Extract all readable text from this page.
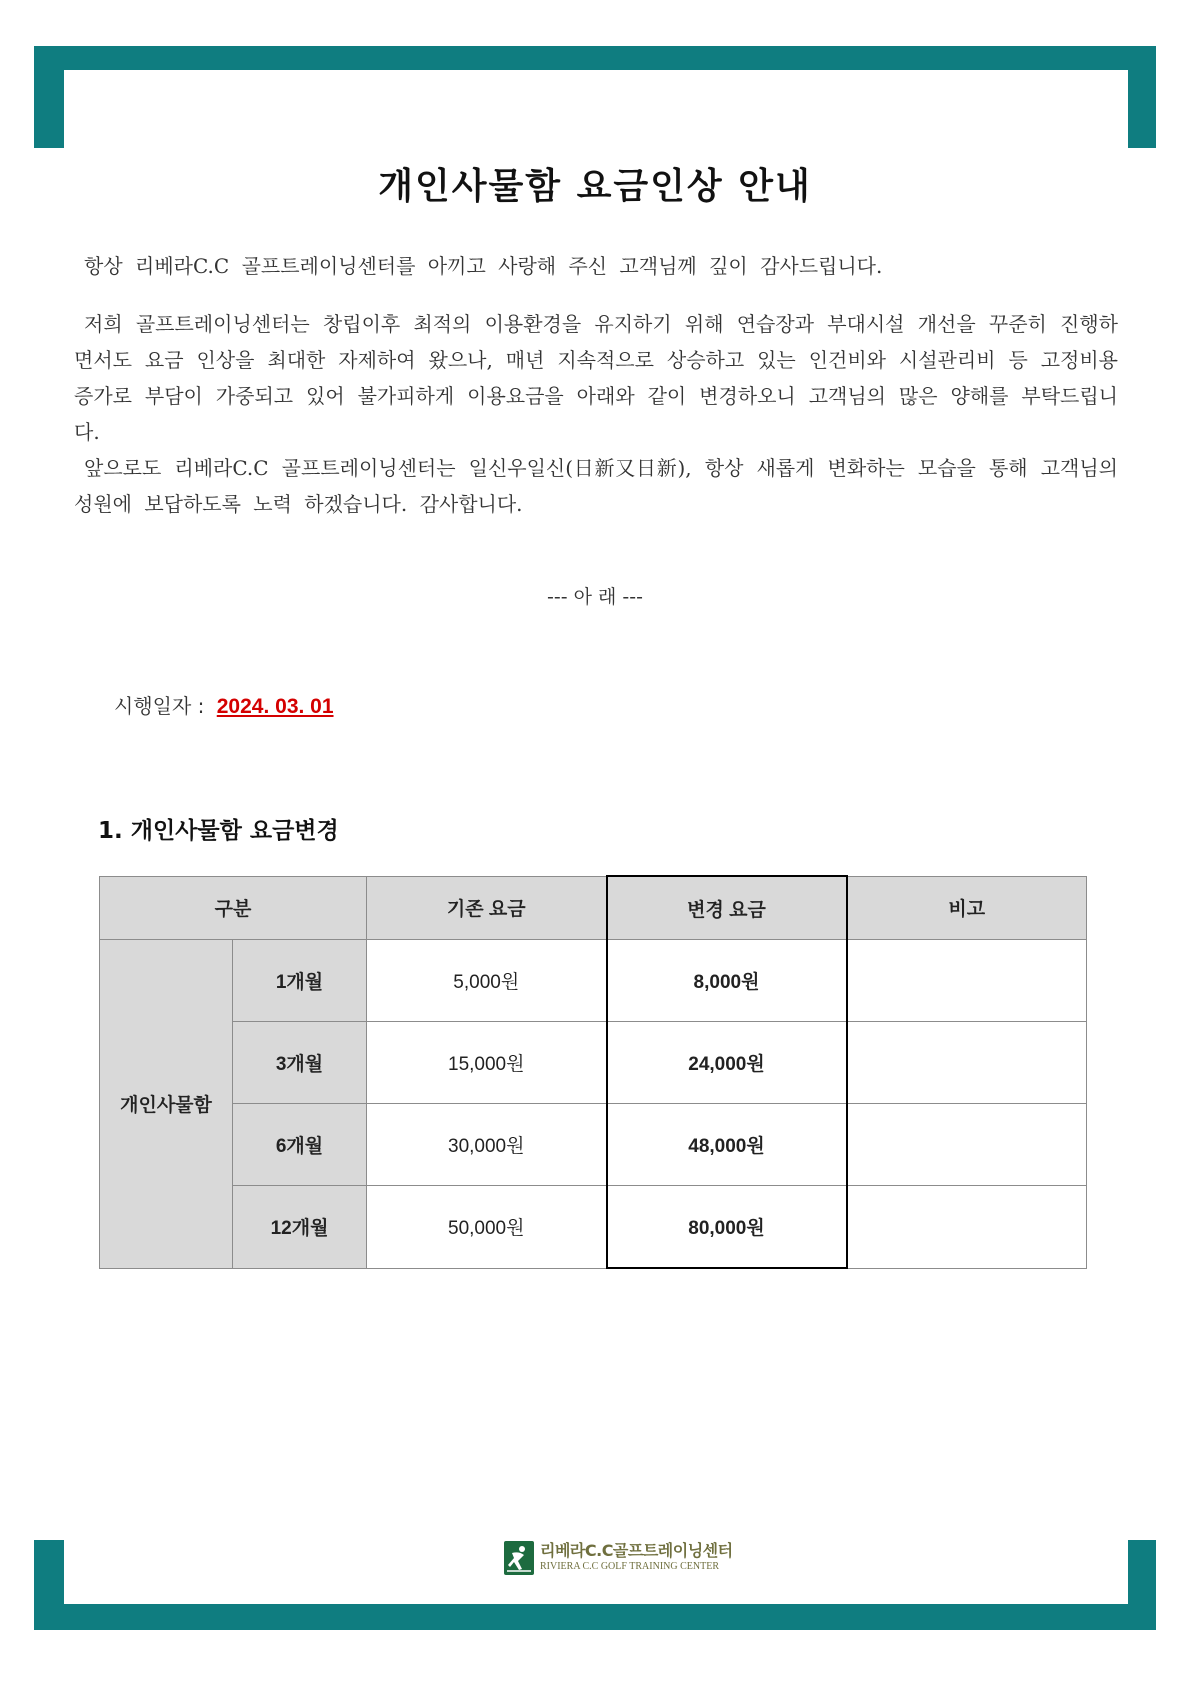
개인사물함 요금인상 안내
항상 리베라C.C 골프트레이닝센터를 아끼고 사랑해 주신 고객님께 깊이 감사드립니다.
저희 골프트레이닝센터는 창립이후 최적의 이용환경을 유지하기 위해 연습장과 부대시설 개선을 꾸준히 진행하면서도 요금 인상을 최대한 자제하여 왔으나, 매년 지속적으로 상승하고 있는 인건비와 시설관리비 등 고정비용 증가로 부담이 가중되고 있어 불가피하게 이용요금을 아래와 같이 변경하오니 고객님의 많은 양해를 부탁드립니다.
앞으로도 리베라C.C 골프트레이닝센터는 일신우일신(日新又日新), 항상 새롭게 변화하는 모습을 통해 고객님의 성원에 보답하도록 노력 하겠습니다. 감사합니다.
--- 아 래 ---
시행일자 : 2024. 03. 01
1. 개인사물함 요금변경
구분		기존 요금	변경 요금	비고
개인사물함	1개월	5,000원	8,000원	
	3개월	15,000원	24,000원	
	6개월	30,000원	48,000원	
	12개월	50,000원	80,000원	
리베라C.C골프트레이닝센터
RIVIERA C.C GOLF TRAINING CENTER
